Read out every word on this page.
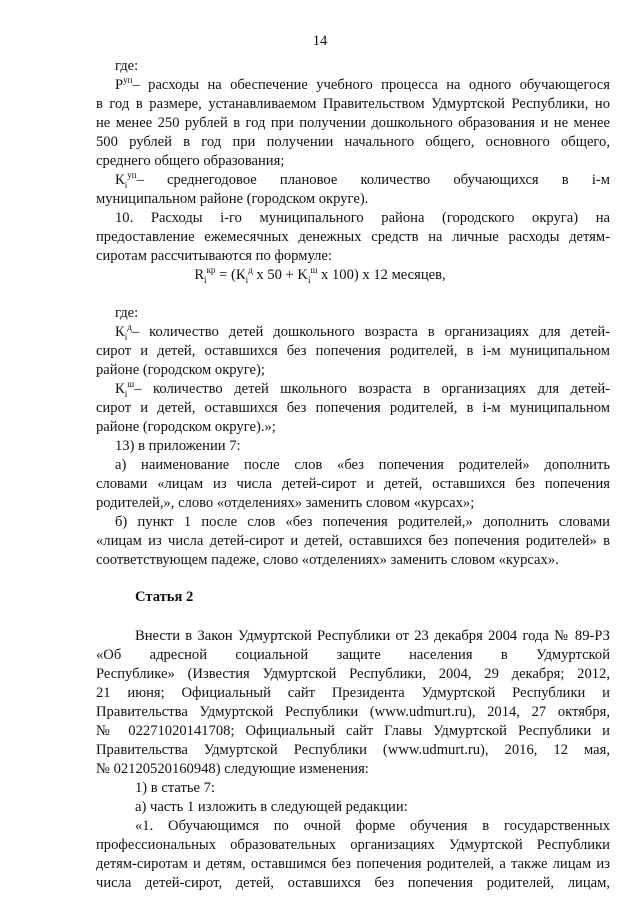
14
где:
$Р^{уп}-$ расходы на обеспечение учебного процесса на одного обучающегося
в год в размере, устанавливаемом Правительством Удмуртской Республики, но
не менее 250 рублей в год при получении дошкольного образования и не менее
500 рублей в год при получении начального общего, основного общего,
среднего общего образования;
$К_i^{уп}-$ среднегодовое плановое количество обучающихся в i-м
муниципальном районе (городском округе).
10. Расходы i-го муниципального района (городского округа) на
предоставление ежемесячных денежных средств на личные расходы детям-
сиротам рассчитываются по формуле:
$R_i^{кр} = (К_i^д$ x $50 + K_i^ш$ x 100) x 12 месяцев,
где:
$К_i^д-$ количество детей дошкольного возраста в организациях для детей-
сирот и детей, оставшихся без попечения родителей, в i-м муниципальном
районе (городском округе);
$К_i^ш-$ количество детей школьного возраста в организациях для детей-
сирот и детей, оставшихся без попечения родителей, в i-м муниципальном
районе (городском округе).»;
13) в приложении 7:
а) наименование после слов «без попечения родителей» дополнить
словами «лицам из числа детей-сирот и детей, оставшихся без попечения
родителей,», слово «отделениях» заменить словом «курсах»;
б) пункт 1 после слов «без попечения родителей,» дополнить словами
«лицам из числа детей-сирот и детей, оставшихся без попечения родителей» в
соответствующем падеже, слово «отделениях» заменить словом «курсах».
Статья 2
Внести в Закон Удмуртской Республики от 23 декабря 2004 года № 89-РЗ
«Об адресной социальной защите населения в Удмуртской
Республике» (Известия Удмуртской Республики, 2004, 29 декабря; 2012,
21 июня; Официальный сайт Президента Удмуртской Республики и
Правительства Удмуртской Республики (www.udmurt.ru), 2014, 27 октября,
№ 02271020141708; Официальный сайт Главы Удмуртской Республики и
Правительства Удмуртской Республики (www.udmurt.ru), 2016, 12 мая,
№ 02120520160948) следующие изменения:
1) в статье 7:
а) часть 1 изложить в следующей редакции:
«1. Обучающимся по очной форме обучения в государственных
профессиональных образовательных организациях Удмуртской Республики
детям-сиротам и детям, оставшимся без попечения родителей, а также лицам из
числа детей-сирот, детей, оставшихся без попечения родителей, лицам,
